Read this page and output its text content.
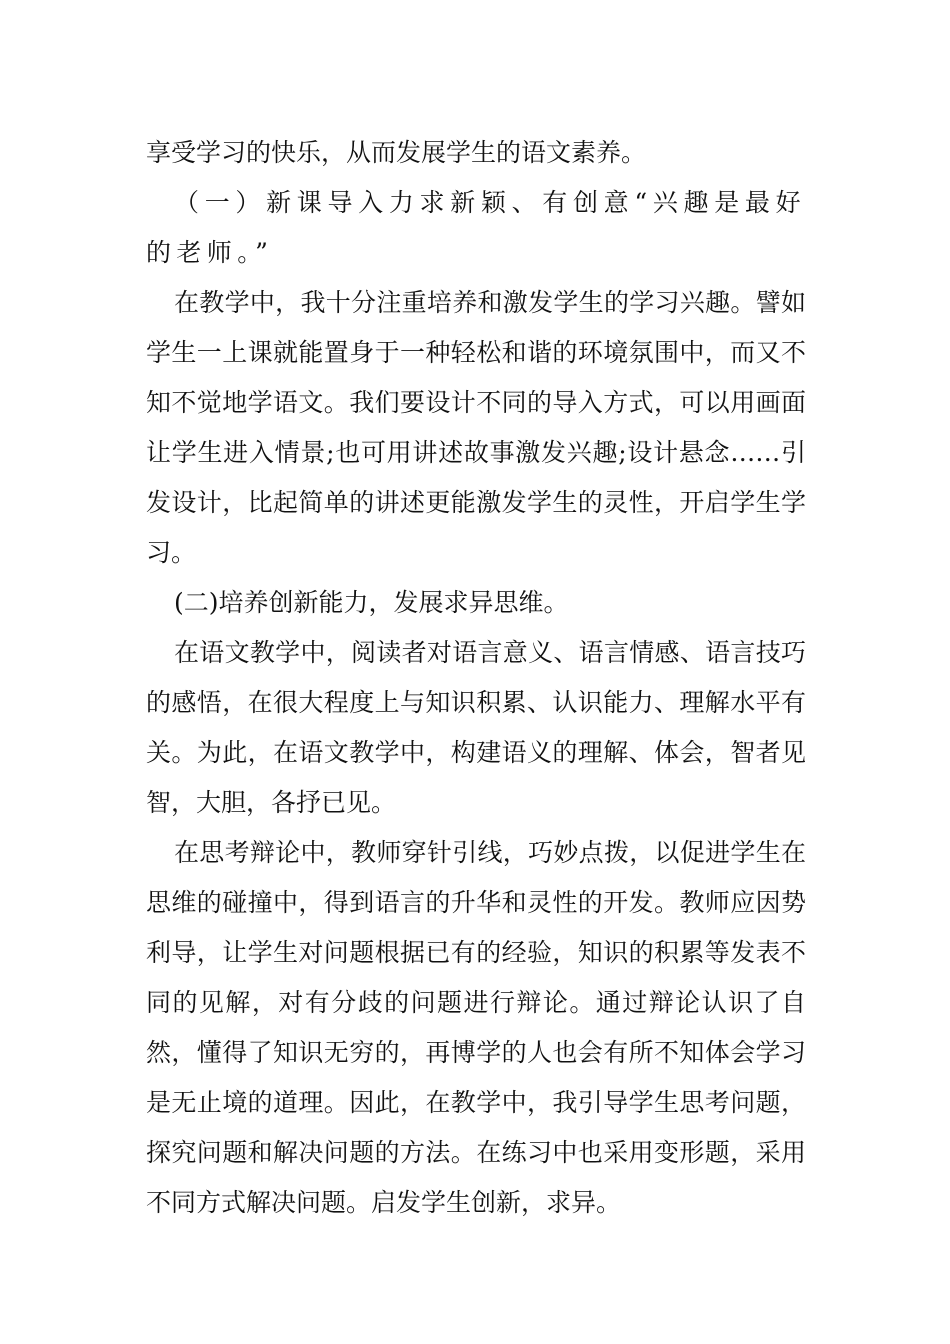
享受学习的快乐，从而发展学生的语文素养。

（一）新课导入力求新颖、有创意“兴趣是最好的老师。”

在教学中，我十分注重培养和激发学生的学习兴趣。譬如学生一上课就能置身于一种轻松和谐的环境氛围中，而又不知不觉地学语文。我们要设计不同的导入方式，可以用画面让学生进入情景;也可用讲述故事激发兴趣;设计悬念……引发设计，比起简单的讲述更能激发学生的灵性，开启学生学习。

(二)培养创新能力，发展求异思维。

在语文教学中，阅读者对语言意义、语言情感、语言技巧的感悟，在很大程度上与知识积累、认识能力、理解水平有关。为此，在语文教学中，构建语义的理解、体会，智者见智，大胆，各抒已见。

在思考辩论中，教师穿针引线，巧妙点拨，以促进学生在思维的碰撞中，得到语言的升华和灵性的开发。教师应因势利导，让学生对问题根据已有的经验，知识的积累等发表不同的见解，对有分歧的问题进行辩论。通过辩论认识了自然，懂得了知识无穷的，再博学的人也会有所不知体会学习是无止境的道理。因此，在教学中，我引导学生思考问题，探究问题和解决问题的方法。在练习中也采用变形题，采用不同方式解决问题。启发学生创新，求异。
